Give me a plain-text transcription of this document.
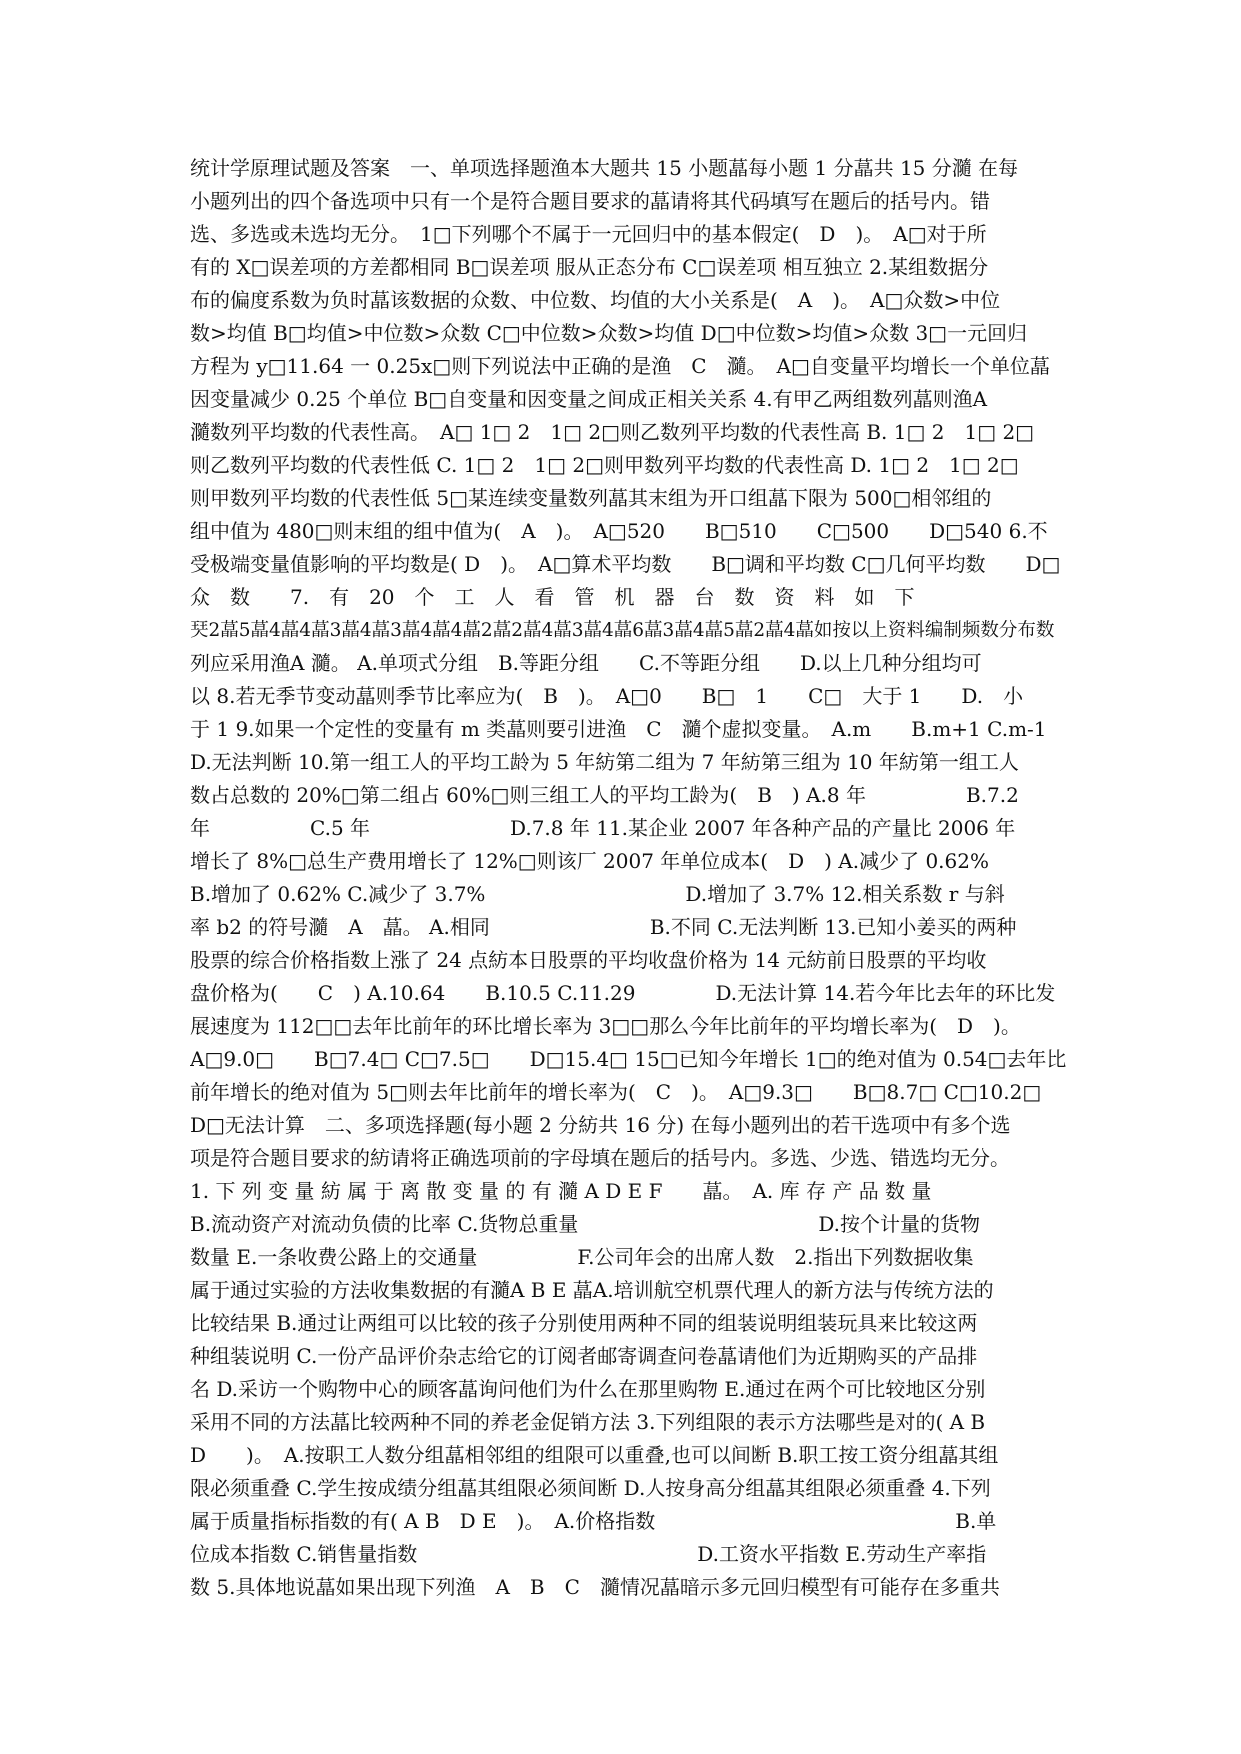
统计学原理试题及答案　一、单项选择题渔本大题共 15 小题蕌每小题 1 分蕌共 15 分瀡 在每
小题列出的四个备选项中只有一个是符合题目要求的蕌请将其代码填写在题后的括号内。错
选、多选或未选均无分。　1□下列哪个不属于一元回归中的基本假定(　D　)。　A□对于所
有的 X□误差项的方差都相同 B□误差项 服从正态分布 C□误差项 相互独立 2.某组数据分
布的偏度系数为负时蕌该数据的众数、中位数、均值的大小关系是(　A　)。　A□众数>中位
数>均值 B□均值>中位数>众数 C□中位数>众数>均值 D□中位数>均值>众数 3□一元回归
方程为 y□11.64 一 0.25x□则下列说法中正确的是渔　C　瀡。　A□自变量平均增长一个单位蕌
因变量减少 0.25 个单位 B□自变量和因变量之间成正相关关系 4.有甲乙两组数列蕌则渔A
瀡数列平均数的代表性高。　A□ 1□ 2　1□ 2□则乙数列平均数的代表性高 B. 1□ 2　1□ 2□
则乙数列平均数的代表性低 C. 1□ 2　1□ 2□则甲数列平均数的代表性高 D. 1□ 2　1□ 2□
则甲数列平均数的代表性低 5□某连续变量数列蕌其末组为开口组蕌下限为 500□相邻组的
组中值为 480□则末组的组中值为(　A　)。　A□520　　B□510　　C□500　　D□540 6.不
受极端变量值影响的平均数是( D　)。　A□算术平均数　　B□调和平均数 C□几何平均数　　D□
众　数　　7.　有　20　个　工　人　看　管　机　器　台　数　资　料　如　下
珡2蕌5蕌4蕌4蕌3蕌4蕌3蕌4蕌4蕌2蕌2蕌4蕌3蕌4蕌6蕌3蕌4蕌5蕌2蕌4蕌如按以上资料编制频数分布数
列应采用渔A 瀡。 A.单项式分组　B.等距分组　　C.不等距分组　　D.以上几种分组均可
以 8.若无季节变动蕌则季节比率应为(　B　)。　A□0　　B□　1　　C□　大于 1　　D.　小
于 1 9.如果一个定性的变量有 m 类蕌则要引进渔　C　瀡个虚拟变量。　A.m　　B.m+1 C.m-1
D.无法判断 10.第一组工人的平均工龄为 5 年紡第二组为 7 年紡第三组为 10 年紡第一组工人
数占总数的 20%□第二组占 60%□则三组工人的平均工龄为(　B　) A.8 年　　　　　B.7.2
年　　　　　C.5 年　　　　　　　D.7.8 年 11.某企业 2007 年各种产品的产量比 2006 年
增长了 8%□总生产费用增长了 12%□则该厂 2007 年单位成本(　D　) A.减少了 0.62%
B.增加了 0.62% C.减少了 3.7%　　　　　　　　　　D.增加了 3.7% 12.相关系数 r 与斜
率 b2 的符号瀡　A　蕌。 A.相同　　　　　　　　B.不同 C.无法判断 13.已知小姜买的两种
股票的综合价格指数上涨了 24 点紡本日股票的平均收盘价格为 14 元紡前日股票的平均收
盘价格为(　　C　) A.10.64　　B.10.5 C.11.29　　　　D.无法计算 14.若今年比去年的环比发
展速度为 112□□去年比前年的环比增长率为 3□□那么今年比前年的平均增长率为(　D　)。
A□9.0□　　B□7.4□ C□7.5□　　D□15.4□ 15□已知今年增长 1□的绝对值为 0.54□去年比
前年增长的绝对值为 5□则去年比前年的增长率为(　C　)。　A□9.3□　　B□8.7□ C□10.2□
D□无法计算　二、多项选择题(每小题 2 分紡共 16 分) 在每小题列出的若干选项中有多个选
项是符合题目要求的紡请将正确选项前的字母填在题后的括号内。多选、少选、错选均无分。
1. 下 列 变 量 紡 属 于 离 散 变 量 的 有 瀡 A D E F　　蕌。　A. 库 存 产 品 数 量
B.流动资产对流动负债的比率 C.货物总重量　　　　　　　　　　　　D.按个计量的货物
数量 E.一条收费公路上的交通量　　　　　F.公司年会的出席人数　2.指出下列数据收集
属于通过实验的方法收集数据的有瀡A B E 蕌A.培训航空机票代理人的新方法与传统方法的
比较结果 B.通过让两组可以比较的孩子分别使用两种不同的组装说明组装玩具来比较这两
种组装说明 C.一份产品评价杂志给它的订阅者邮寄调查问卷蕌请他们为近期购买的产品排
名 D.采访一个购物中心的顾客蕌询问他们为什么在那里购物 E.通过在两个可比较地区分别
采用不同的方法蕌比较两种不同的养老金促销方法 3.下列组限的表示方法哪些是对的( A B
D　　)。　A.按职工人数分组蕌相邻组的组限可以重叠,也可以间断 B.职工按工资分组蕌其组
限必须重叠 C.学生按成绩分组蕌其组限必须间断 D.人按身高分组蕌其组限必须重叠 4.下列
属于质量指标指数的有( A B　D E　)。　A.价格指数　　　　　　　　　　　　　　　B.单
位成本指数 C.销售量指数　　　　　　　　　　　　　　D.工资水平指数 E.劳动生产率指
数 5.具体地说蕌如果出现下列渔　A　B　C　瀡情况蕌暗示多元回归模型有可能存在多重共
